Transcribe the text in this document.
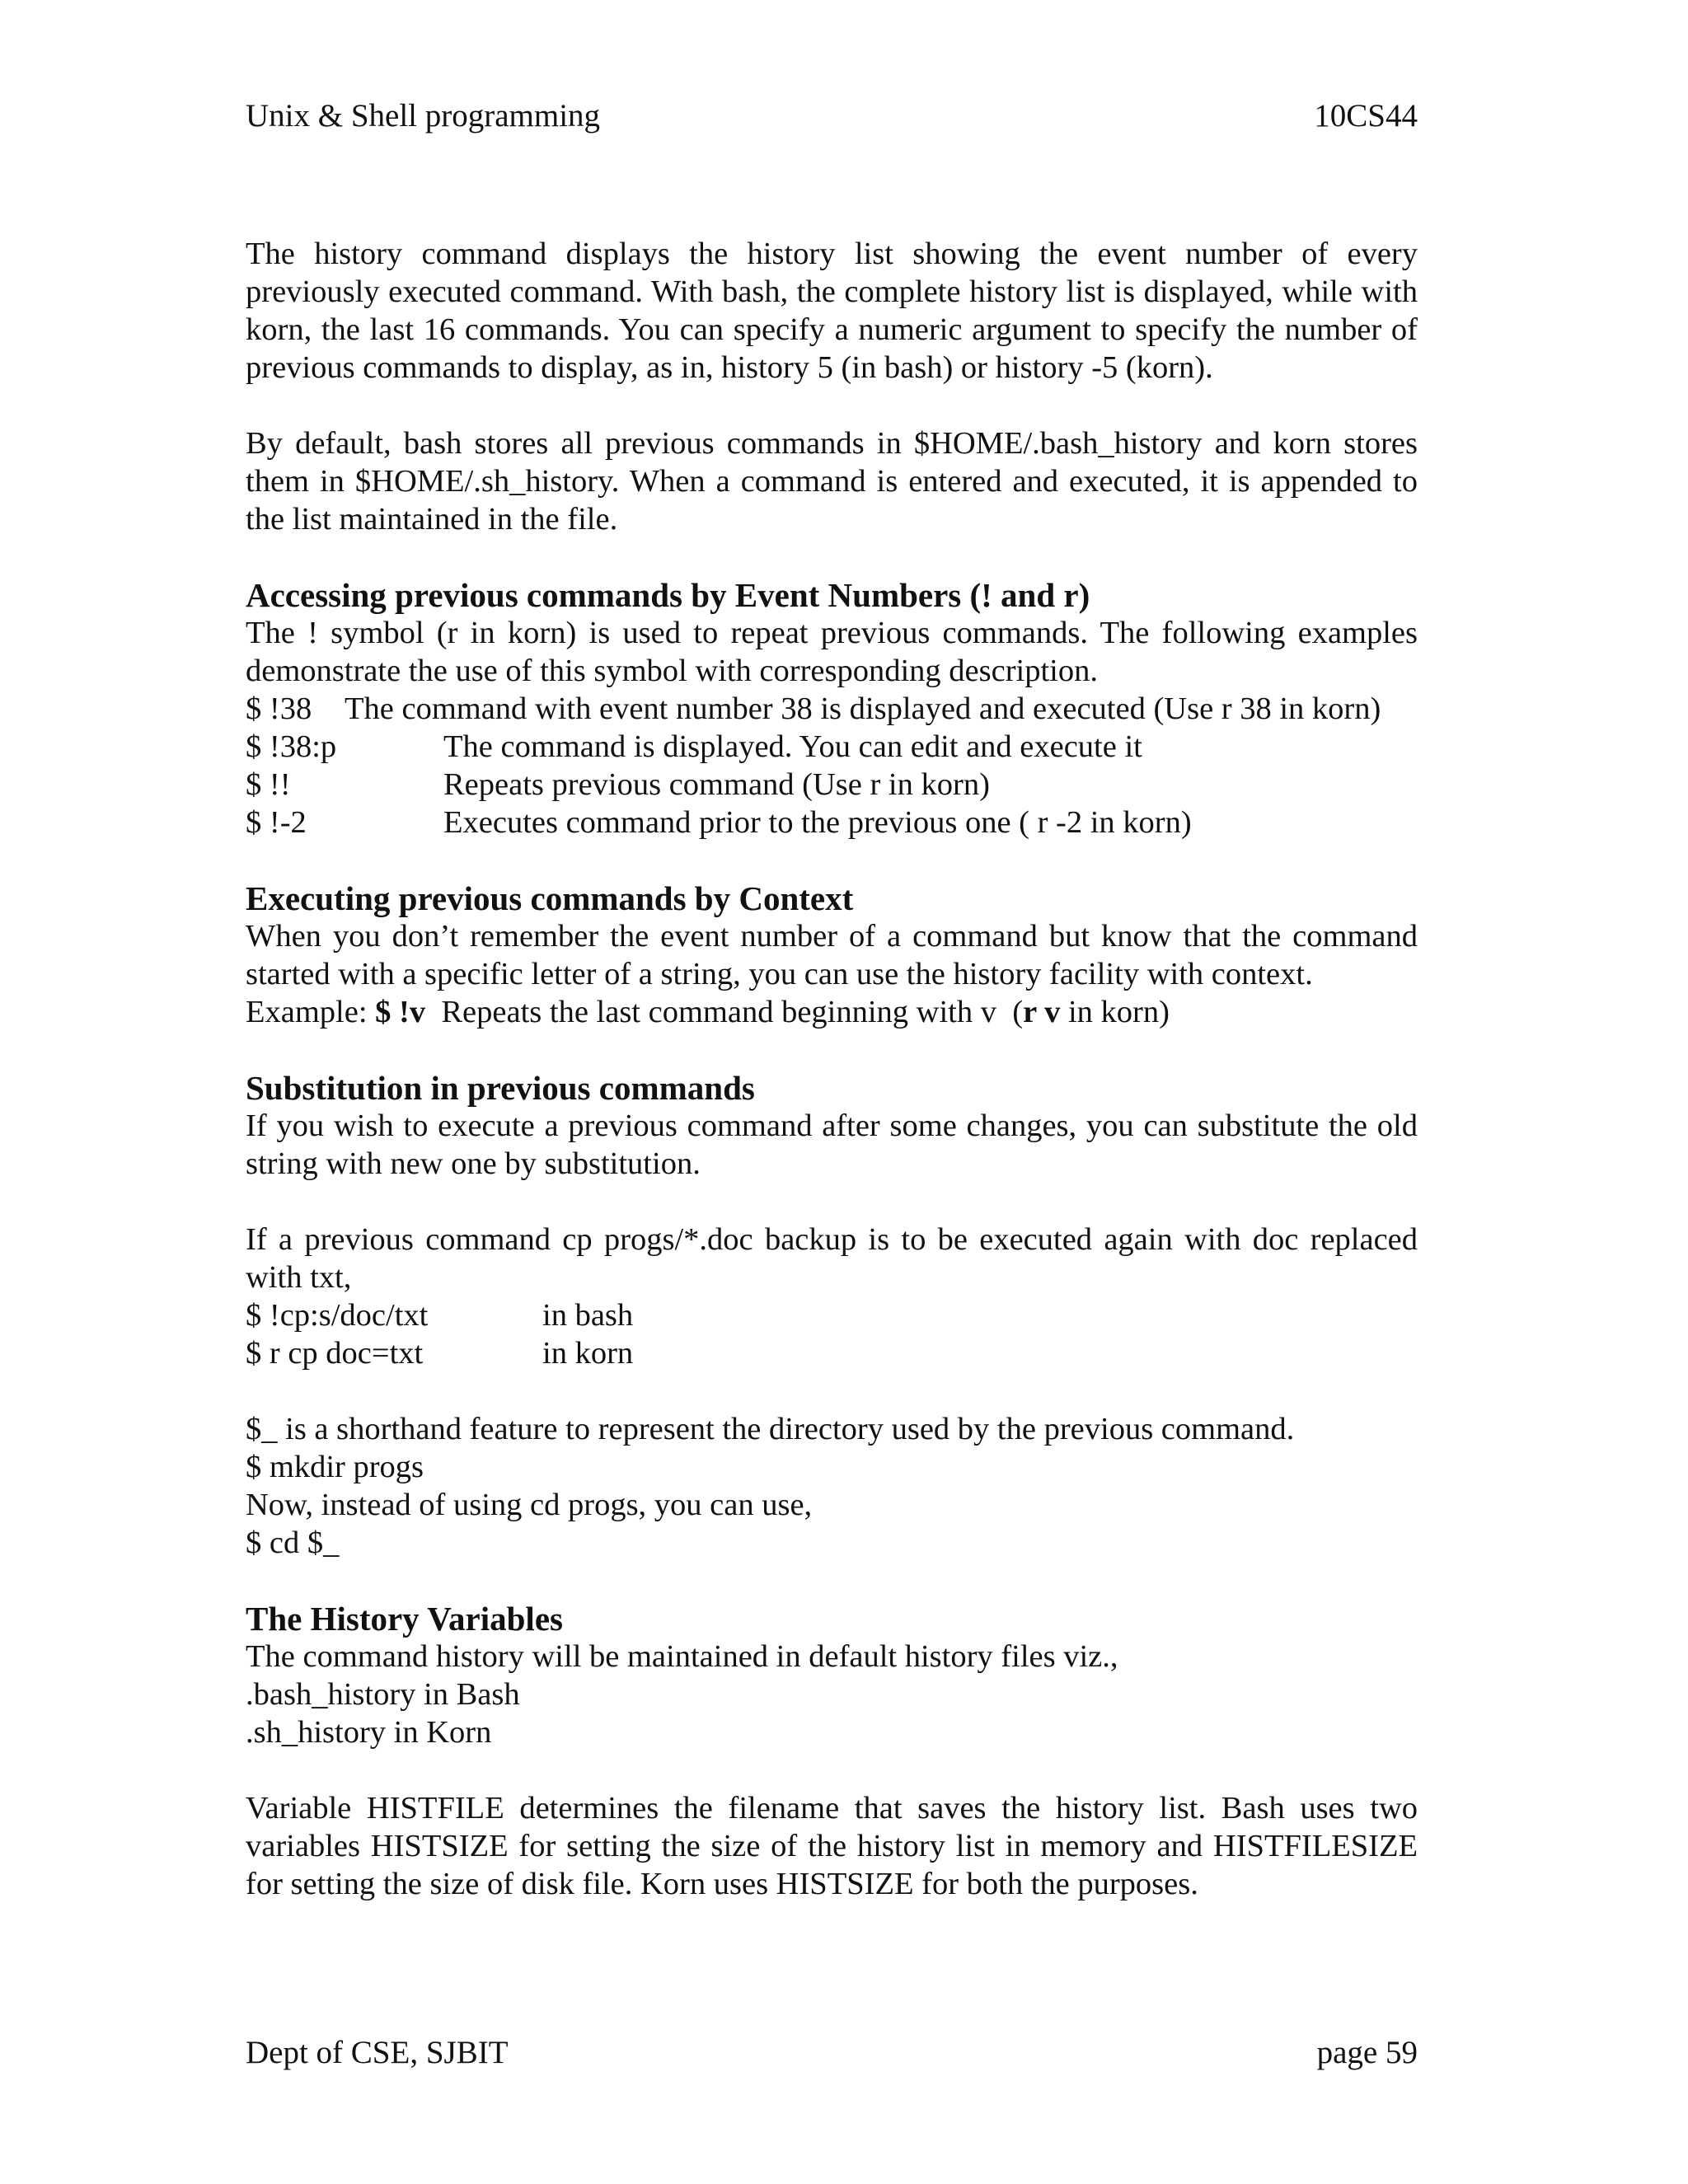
Unix & Shell programming	10CS44

The history command displays the history list showing the event number of every previously executed command. With bash, the complete history list is displayed, while with korn, the last 16 commands. You can specify a numeric argument to specify the number of previous commands to display, as in, history 5 (in bash) or history -5 (korn).

By default, bash stores all previous commands in $HOME/.bash_history and korn stores them in $HOME/.sh_history. When a command is entered and executed, it is appended to the list maintained in the file.

Accessing previous commands by Event Numbers (! and r)

The ! symbol (r in korn) is used to repeat previous commands. The following examples demonstrate the use of this symbol with corresponding description.

$ !38	The command with event number 38 is displayed and executed (Use r 38 in korn)
$ !38:p	The command is displayed. You can edit and execute it
$ !!	Repeats previous command (Use r in korn)
$ !-2	Executes command prior to the previous one ( r -2 in korn)
Executing previous commands by Context

When you don’t remember the event number of a command but know that the command started with a specific letter of a string, you can use the history facility with context.

Example: $ !v  Repeats the last command beginning with v  (r v in korn)

Substitution in previous commands

If you wish to execute a previous command after some changes, you can substitute the old string with new one by substitution.

If a previous command cp progs/*.doc backup is to be executed again with doc replaced with txt,

$ !cp:s/doc/txt	in bash
$ r cp doc=txt	in korn

$_ is a shorthand feature to represent the directory used by the previous command.

$ mkdir progs

Now, instead of using cd progs, you can use,

$ cd $_

The History Variables

The command history will be maintained in default history files viz.,

.bash_history in Bash

.sh_history in Korn

Variable HISTFILE determines the filename that saves the history list. Bash uses two variables HISTSIZE for setting the size of the history list in memory and HISTFILESIZE for setting the size of disk file. Korn uses HISTSIZE for both the purposes.

Dept of CSE, SJBIT	page 59
